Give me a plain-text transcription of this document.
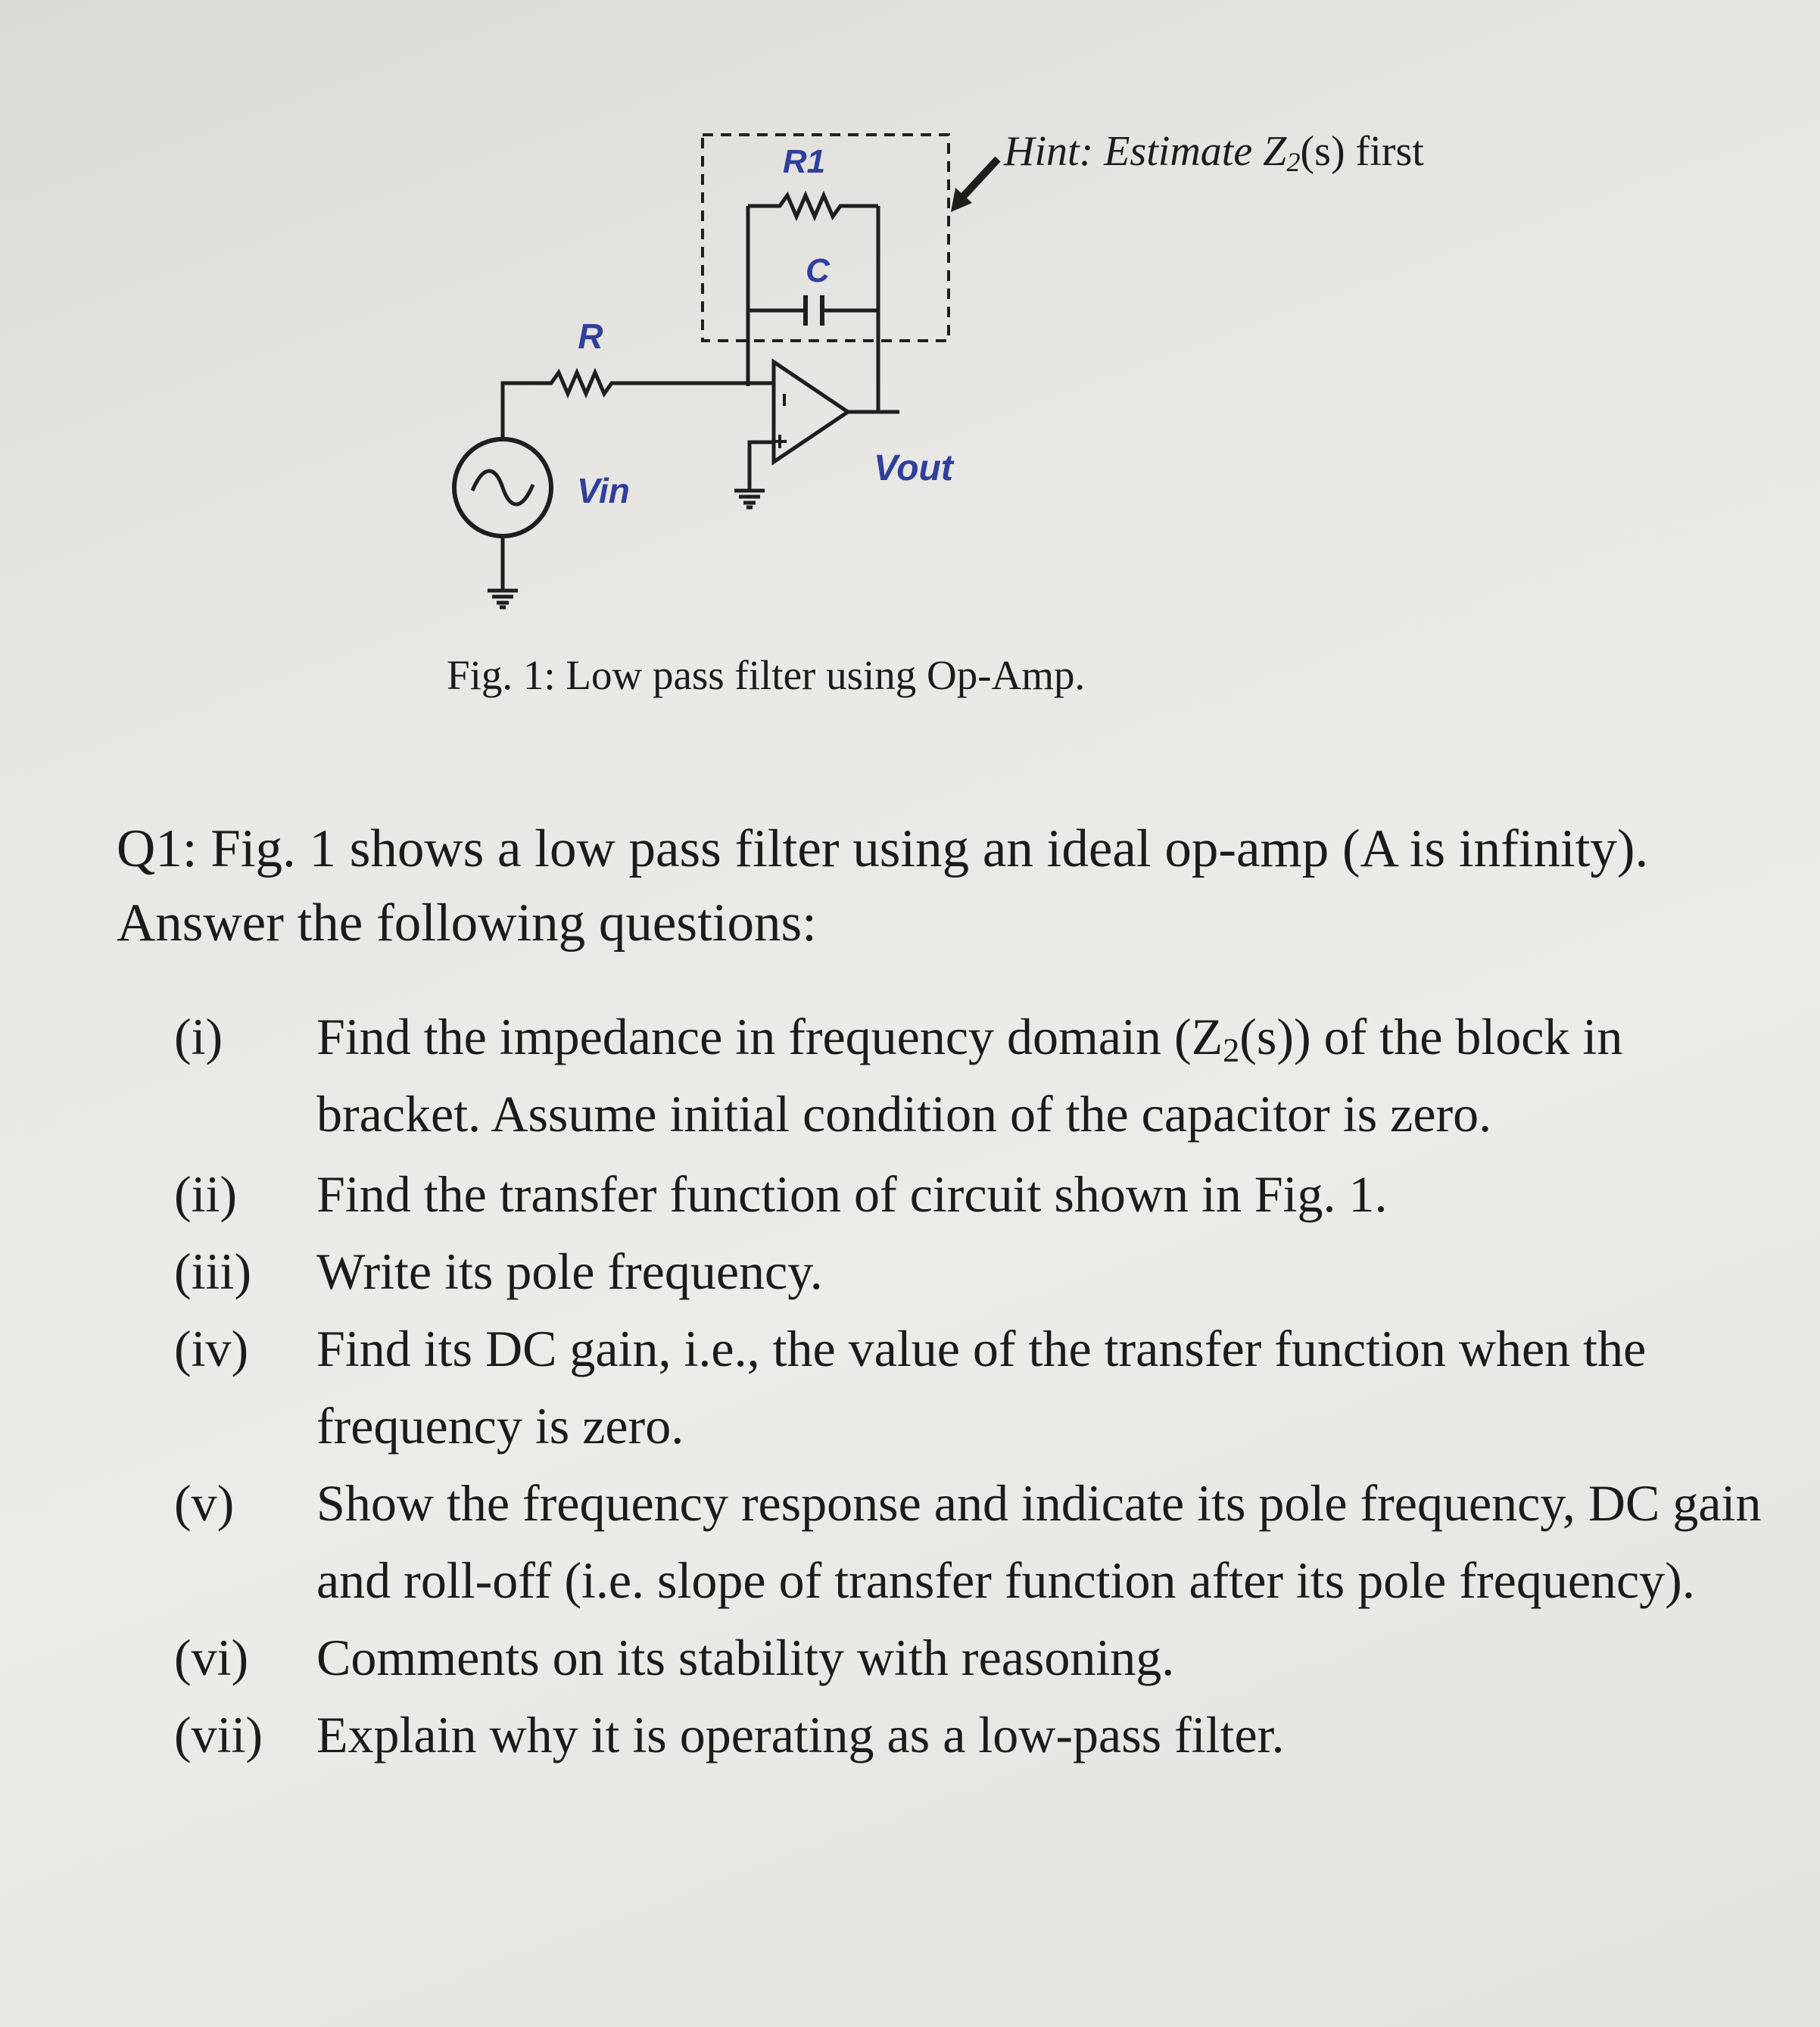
R1
C
R
Vin
Vout
Hint: Estimate $Z_2(s)$ first
Fig. 1: Low pass filter using Op-Amp.
Q1: Fig. 1 shows a low pass filter using an ideal op-amp (A is infinity). Answer the following questions:
(i)	Find the impedance in frequency domain $(Z_2(s))$ of the block in bracket. Assume initial condition of the capacitor is zero.
(ii)	Find the transfer function of circuit shown in Fig. 1.
(iii)	Write its pole frequency.
(iv)	Find its DC gain, i.e., the value of the transfer function when the frequency is zero.
(v)	Show the frequency response and indicate its pole frequency, DC gain and roll-off (i.e. slope of transfer function after its pole frequency).
(vi)	Comments on its stability with reasoning.
(vii)	Explain why it is operating as a low-pass filter.
